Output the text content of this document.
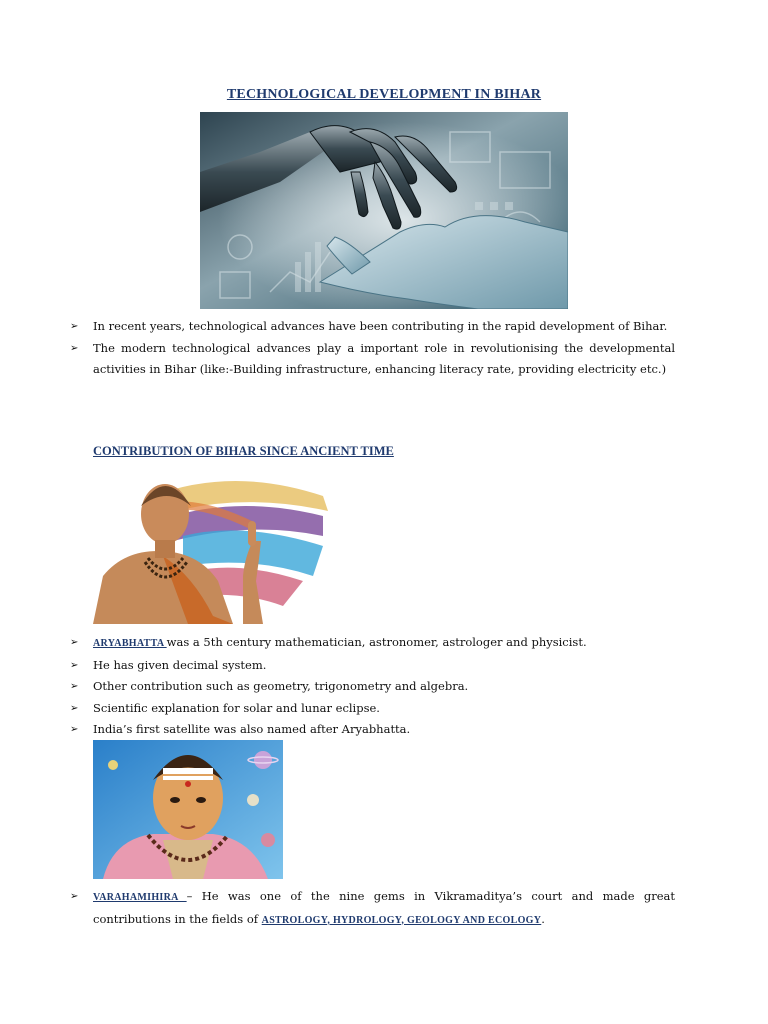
TECHNOLOGICAL DEVELOPMENT IN BIHAR
➢ In recent years, technological advances have been contributing in the rapid development of Bihar.
➢ The modern technological advances play a important role in revolutionising the developmental activities in Bihar (like:-Building infrastructure, enhancing literacy rate, providing electricity etc.)
CONTRIBUTION OF BIHAR SINCE ANCIENT TIME
➢ ARYABHATTA was a 5th century mathematician, astronomer, astrologer and physicist.
➢ He has given decimal system.
➢ Other contribution such as geometry, trigonometry and algebra.
➢ Scientific explanation for solar and lunar eclipse.
➢ India’s first satellite was also named after Aryabhatta.
➢ VARAHAMIHIRA – He was one of the nine gems in Vikramaditya’s court and made great contributions in the fields of ASTROLOGY, HYDROLOGY, GEOLOGY AND ECOLOGY.
